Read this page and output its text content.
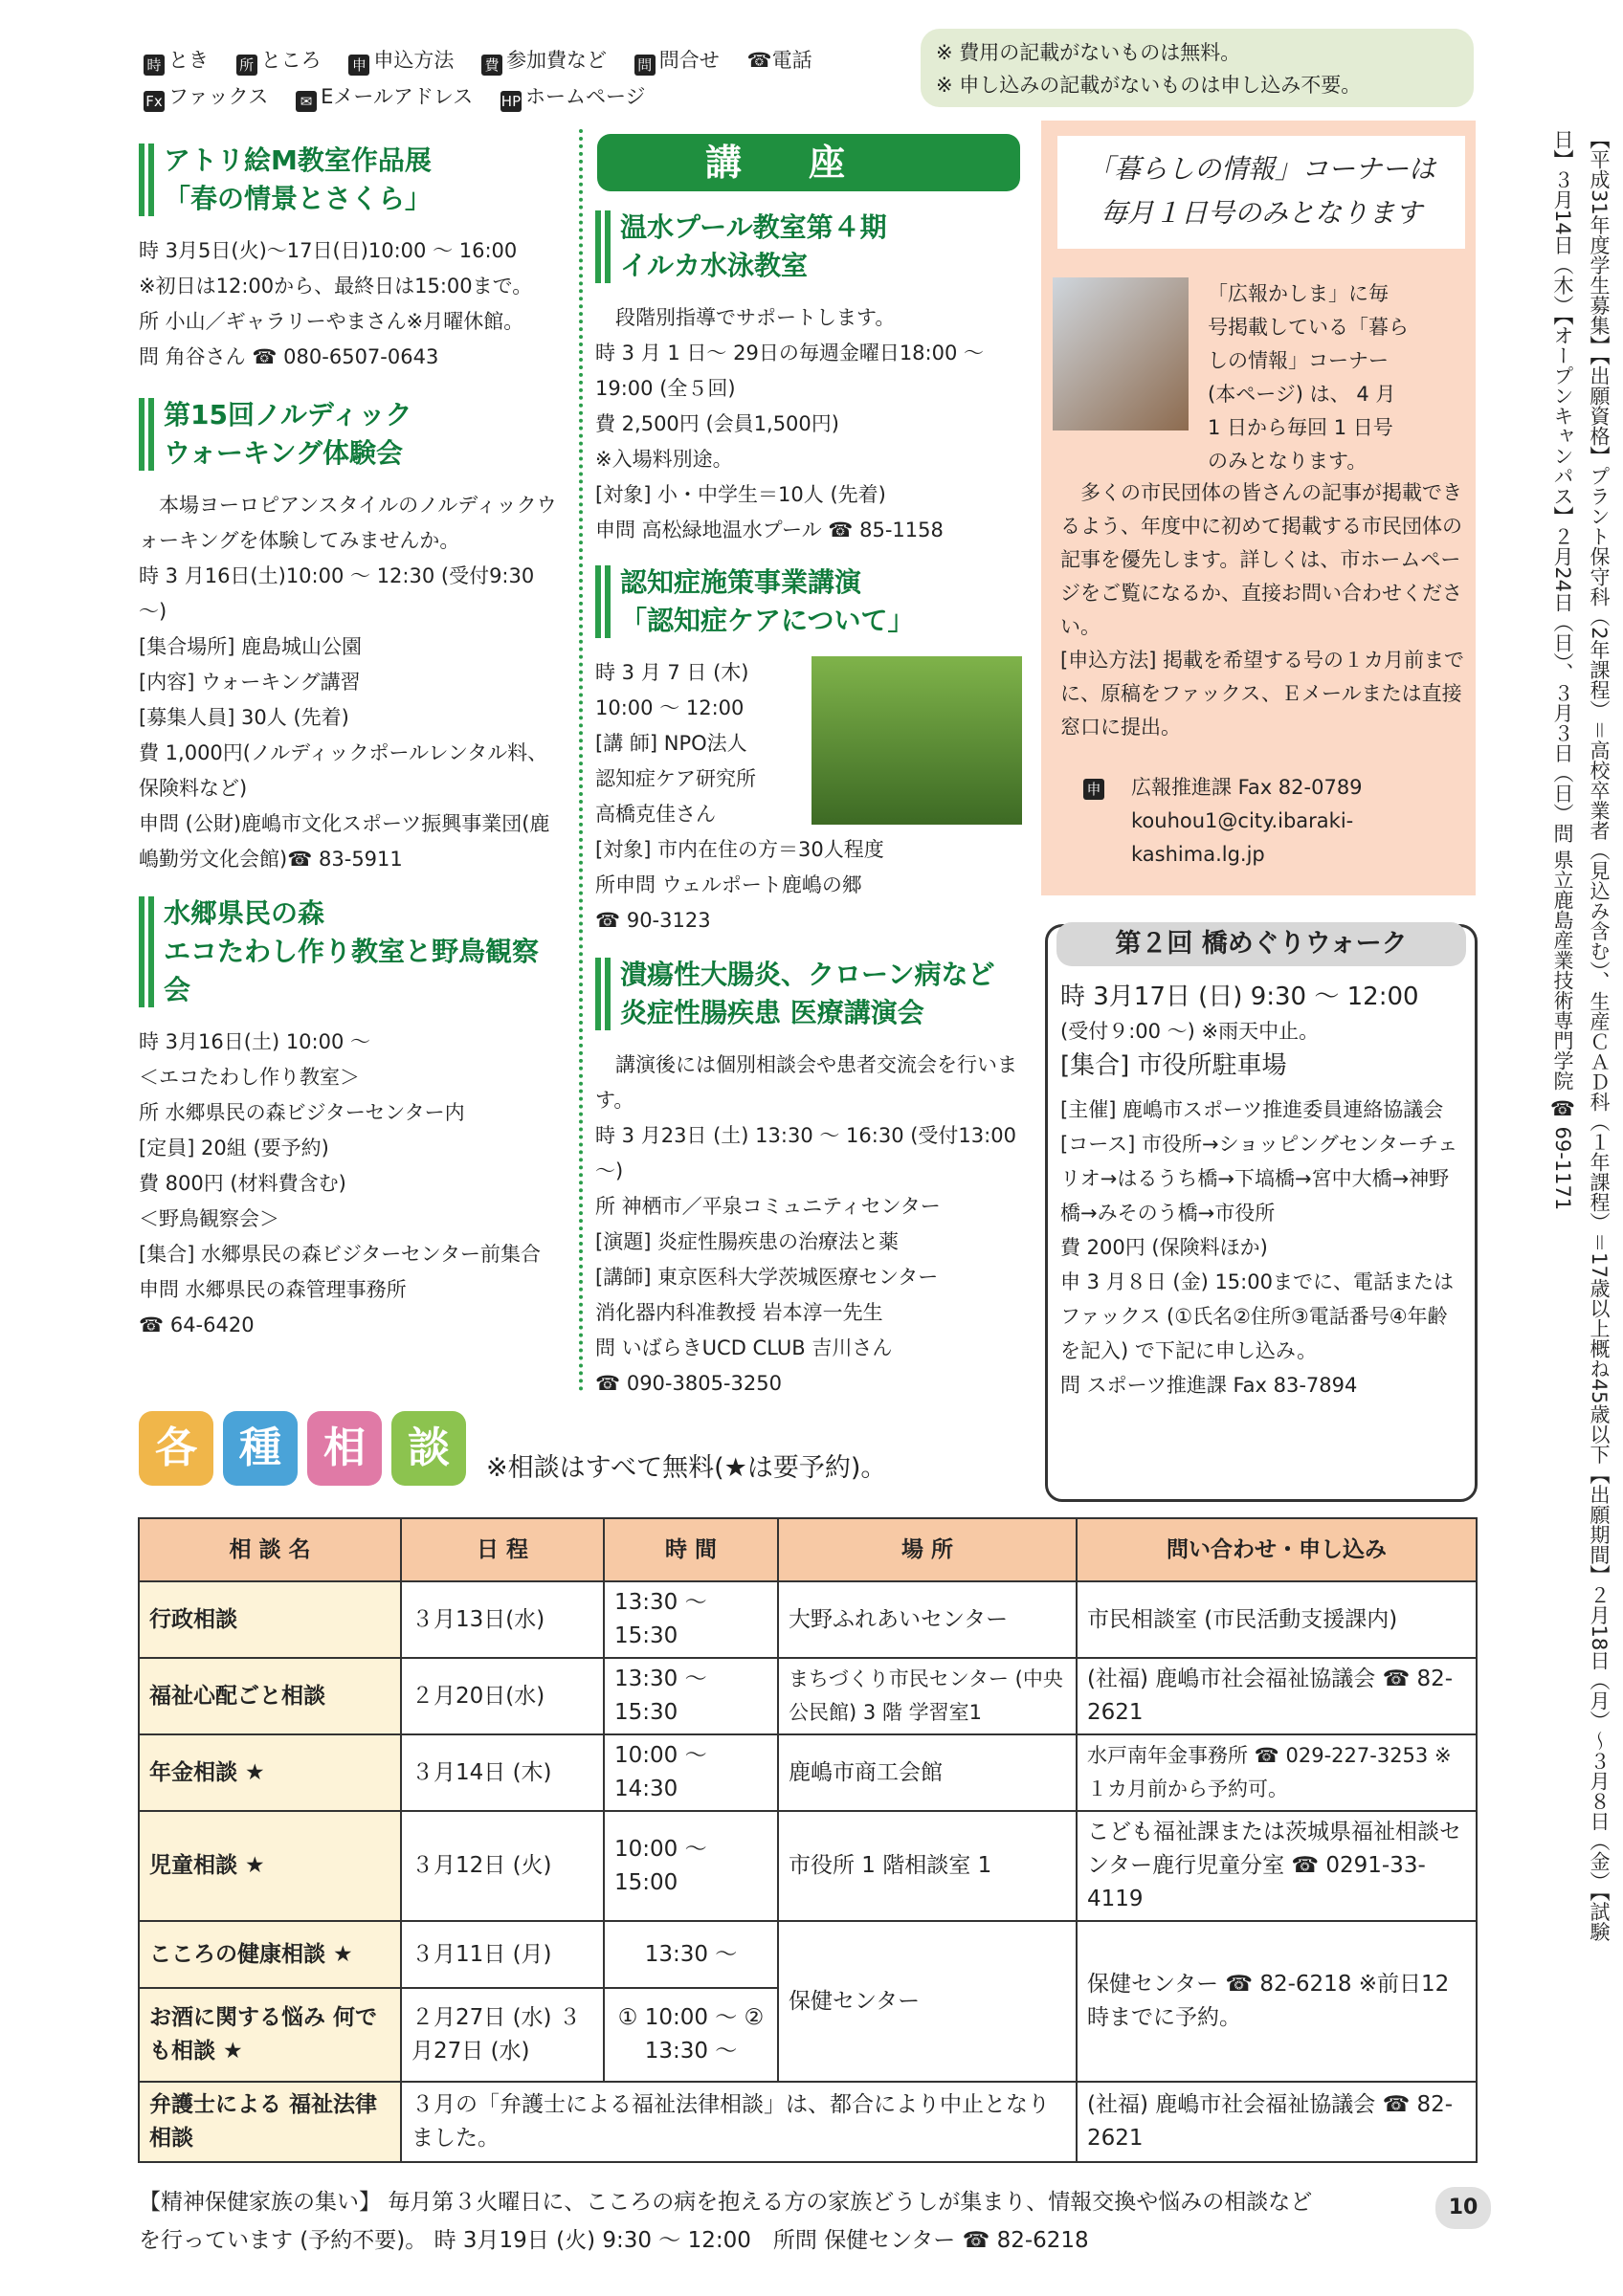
時 とき 所 ところ 申 申込方法 費 参加費など 問 問合せ ☎電話
Fx ファックス ✉ Eメールアドレス HP ホームページ
※ 費用の記載がないものは無料。
※ 申し込みの記載がないものは申し込み不要。
アトリ絵M教室作品展
「春の情景とさくら」

時 3月5日(火)～17日(日)10:00 ～ 16:00

※初日は12:00から、最終日は15:00まで。

所 小山／ギャラリーやまさん※月曜休館。

問 角谷さん ☎ 080-6507-0643

第15回ノルディック
ウォーキング体験会

本場ヨーロピアンスタイルのノルディックウォーキングを体験してみませんか。

時 3 月16日(土)10:00 ～ 12:30 (受付9:30 ～)

[集合場所] 鹿島城山公園

[内容] ウォーキング講習

[募集人員] 30人 (先着)

費 1,000円(ノルディックポールレンタル料、保険料など)

申問 (公財)鹿嶋市文化スポーツ振興事業団(鹿嶋勤労文化会館)☎ 83-5911

水郷県民の森
エコたわし作り教室と野鳥観察会

時 3月16日(土) 10:00 ～

＜エコたわし作り教室＞

所 水郷県民の森ビジターセンター内

[定員] 20組 (要予約)

費 800円 (材料費含む)

＜野鳥観察会＞

[集合] 水郷県民の森ビジターセンター前集合

申問 水郷県民の森管理事務所

☎ 64-6420

講座
温水プール教室第４期
イルカ水泳教室

段階別指導でサポートします。

時 3 月 1 日～ 29日の毎週金曜日18:00 ～ 19:00 (全５回)

費 2,500円 (会員1,500円)

※入場料別途。

[対象] 小・中学生＝10人 (先着)

申問 高松緑地温水プール ☎ 85-1158

認知症施策事業講演
「認知症ケアについて」

時 3 月 7 日 (木)

10:00 ～ 12:00

[講 師] NPO法人

認知症ケア研究所

高橋克佳さん

[対象] 市内在住の方＝30人程度

所申問 ウェルポート鹿嶋の郷

☎ 90-3123

潰瘍性大腸炎、クローン病など
炎症性腸疾患 医療講演会

講演後には個別相談会や患者交流会を行います。

時 3 月23日 (土) 13:30 ～ 16:30 (受付13:00 ～)

所 神栖市／平泉コミュニティセンター

[演題] 炎症性腸疾患の治療法と薬

[講師] 東京医科大学茨城医療センター

消化器内科准教授 岩本淳一先生

問 いばらきUCD CLUB 吉川さん

☎ 090-3805-3250

「暮らしの情報」コーナーは
毎月１日号のみとなります
「広報かしま」に毎
号掲載している「暮ら
しの情報」コーナー
(本ページ) は、 4 月
1 日から毎回 1 日号
のみとなります。
多くの市民団体の皆さんの記事が掲載できるよう、年度中に初めて掲載する市民団体の記事を優先します。詳しくは、市ホームページをご覧になるか、直接お問い合わせください。
[申込方法] 掲載を希望する号の１カ月前までに、原稿をファックス、Ｅメールまたは直接窓口に提出。
申 広報推進課 Fax 82-0789
kouhou1@city.ibaraki-kashima.lg.jp
第２回 橋めぐりウォーク

時 3月17日 (日) 9:30 ～ 12:00

(受付９:00 ～) ※雨天中止。

[集合] 市役所駐車場

[主催] 鹿嶋市スポーツ推進委員連絡協議会

[コース] 市役所→ショッピングセンターチェリオ→はるうち橋→下塙橋→宮中大橋→神野橋→みそのう橋→市役所

費 200円 (保険料ほか)

申 3 月８日 (金) 15:00までに、電話またはファックス (①氏名②住所③電話番号④年齢を記入) で下記に申し込み。

問 スポーツ推進課 Fax 83-7894	【平成31年度学生募集】【出願資格】プラント保守科（2年課程）＝高校卒業者（見込み含む）、生産ＣＡＤ科（１年課程）＝17歳以上概ね45歳以下【出願期間】２月18日（月）～３月８日（金）【試験日】３月14日（木）【オープンキャンパス】２月24日（日）、３月３日（日）問 県立鹿島産業技術専門学院 ☎ 69-1171
各 種 相 談	※相談はすべて無料(★は要予約)。
相 談 名	日 程	時 間	場 所	問い合わせ・申し込み
行政相談	３月13日(水)	13:30 ～ 15:30	大野ふれあいセンター	市民相談室 (市民活動支援課内)
福祉心配ごと相談	２月20日(水)	13:30 ～ 15:30	まちづくり市民センター (中央公民館) 3 階 学習室1	(社福) 鹿嶋市社会福祉協議会 ☎ 82-2621
年金相談 ★	３月14日 (木)	10:00 ～ 14:30	鹿嶋市商工会館	水戸南年金事務所 ☎ 029-227-3253 ※１カ月前から予約可。
児童相談 ★	３月12日 (火)	10:00 ～ 15:00	市役所 1 階相談室 1	こども福祉課または茨城県福祉相談センター鹿行児童分室 ☎ 0291-33-4119
こころの健康相談 ★	３月11日 (月)	13:30 ～	保健センター	保健センター ☎ 82-6218 ※前日12時までに予約。
お酒に関する悩み 何でも相談 ★	２月27日 (水) ３月27日 (水)	① 10:00 ～ ② 13:30 ～		
弁護士による 福祉法律相談	３月の「弁護士による福祉法律相談」は、都合により中止となりました。			(社福) 鹿嶋市社会福祉協議会 ☎ 82-2621
【精神保健家族の集い】 毎月第３火曜日に、こころの病を抱える方の家族どうしが集まり、情報交換や悩みの相談など
を行っています (予約不要)。 時 3月19日 (火) 9:30 ～ 12:00　所問 保健センター ☎ 82-6218
10
